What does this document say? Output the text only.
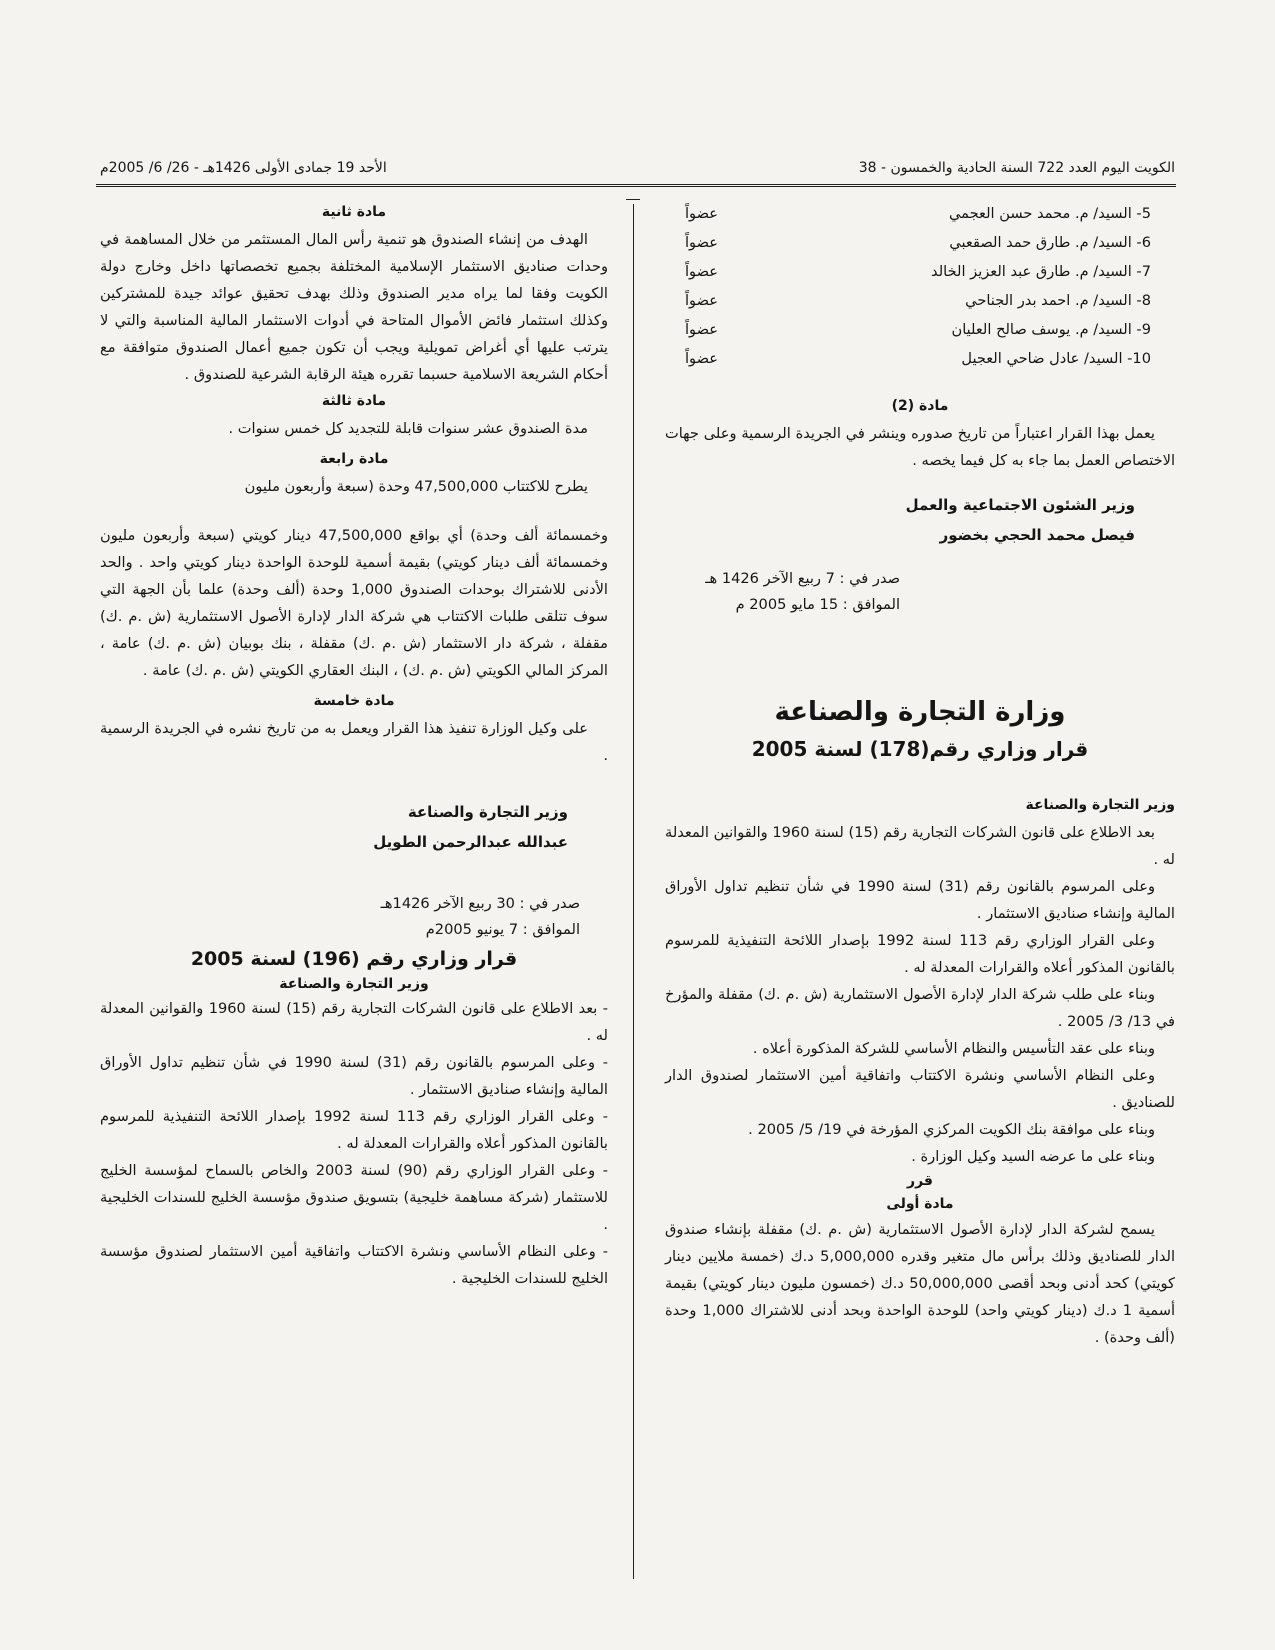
الكويت اليوم العدد 722 السنة الحادية والخمسون - 38
الأحد 19 جمادى الأولى 1426هـ - 26/ 6/ 2005م
5- السيد/ م. محمد حسن العجمي
عضواً
6- السيد/ م. طارق حمد الصقعبي
عضواً
7- السيد/ م. طارق عبد العزيز الخالد
عضواً
8- السيد/ م. احمد بدر الجناحي
عضواً
9- السيد/ م. يوسف صالح العليان
عضواً
10- السيد/ عادل ضاحي العجيل
عضواً
مادة (2)

يعمل بهذا القرار اعتباراً من تاريخ صدوره وينشر في الجريدة الرسمية وعلى جهات الاختصاص العمل بما جاء به كل فيما يخصه .

وزير الشئون الاجتماعية والعمل
فيصل محمد الحجي بخضور
صدر في : 7 ربيع الآخر 1426 هـ
الموافق : 15 مايو 2005 م
وزارة التجارة والصناعة
قرار وزاري رقم(178) لسنة 2005
وزير التجارة والصناعة

بعد الاطلاع على قانون الشركات التجارية رقم (15) لسنة 1960 والقوانين المعدلة له .

وعلى المرسوم بالقانون رقم (31) لسنة 1990 في شأن تنظيم تداول الأوراق المالية وإنشاء صناديق الاستثمار .

وعلى القرار الوزاري رقم 113 لسنة 1992 بإصدار اللائحة التنفيذية للمرسوم بالقانون المذكور أعلاه والقرارات المعدلة له .

وبناء على طلب شركة الدار لإدارة الأصول الاستثمارية (ش .م .ك) مقفلة والمؤرخ في 13/ 3/ 2005 .

وبناء على عقد التأسيس والنظام الأساسي للشركة المذكورة أعلاه .

وعلى النظام الأساسي ونشرة الاكتتاب واتفاقية أمين الاستثمار لصندوق الدار للصناديق .

وبناء على موافقة بنك الكويت المركزي المؤرخة في 19/ 5/ 2005 .

وبناء على ما عرضه السيد وكيل الوزارة .

قرر
مادة أولى

يسمح لشركة الدار لإدارة الأصول الاستثمارية (ش .م .ك) مقفلة بإنشاء صندوق الدار للصناديق وذلك برأس مال متغير وقدره 5,000,000 د.ك (خمسة ملايين دينار كويتي) كحد أدنى وبحد أقصى 50,000,000 د.ك (خمسون مليون دينار كويتي) بقيمة أسمية 1 د.ك (دينار كويتي واحد) للوحدة الواحدة وبحد أدنى للاشتراك 1,000 وحدة (ألف وحدة) .

مادة ثانية

الهدف من إنشاء الصندوق هو تنمية رأس المال المستثمر من خلال المساهمة في وحدات صناديق الاستثمار الإسلامية المختلفة بجميع تخصصاتها داخل وخارج دولة الكويت وفقا لما يراه مدير الصندوق وذلك بهدف تحقيق عوائد جيدة للمشتركين وكذلك استثمار فائض الأموال المتاحة في أدوات الاستثمار المالية المناسبة والتي لا يترتب عليها أي أغراض تمويلية ويجب أن تكون جميع أعمال الصندوق متوافقة مع أحكام الشريعة الاسلامية حسبما تقرره هيئة الرقابة الشرعية للصندوق .

مادة ثالثة

مدة الصندوق عشر سنوات قابلة للتجديد كل خمس سنوات .

مادة رابعة

يطرح للاكتتاب 47,500,000 وحدة (سبعة وأربعون مليون

وخمسمائة ألف وحدة) أي بواقع 47,500,000 دينار كويتي (سبعة وأربعون مليون وخمسمائة ألف دينار كويتي) بقيمة أسمية للوحدة الواحدة دينار كويتي واحد . والحد الأدنى للاشتراك بوحدات الصندوق 1,000 وحدة (ألف وحدة) علما بأن الجهة التي سوف تتلقى طلبات الاكتتاب هي شركة الدار لإدارة الأصول الاستثمارية (ش .م .ك) مقفلة ، شركة دار الاستثمار (ش .م .ك) مقفلة ، بنك بوبيان (ش .م .ك) عامة ، المركز المالي الكويتي (ش .م .ك) ، البنك العقاري الكويتي (ش .م .ك) عامة .

مادة خامسة

على وكيل الوزارة تنفيذ هذا القرار ويعمل به من تاريخ نشره في الجريدة الرسمية .

وزير التجارة والصناعة
عبدالله عبدالرحمن الطويل
صدر في : 30 ربيع الآخر 1426هـ
الموافق : 7 يونيو 2005م
قرار وزاري رقم (196) لسنة 2005
وزير التجارة والصناعة

- بعد الاطلاع على قانون الشركات التجارية رقم (15) لسنة 1960 والقوانين المعدلة له .

- وعلى المرسوم بالقانون رقم (31) لسنة 1990 في شأن تنظيم تداول الأوراق المالية وإنشاء صناديق الاستثمار .

- وعلى القرار الوزاري رقم 113 لسنة 1992 بإصدار اللائحة التنفيذية للمرسوم بالقانون المذكور أعلاه والقرارات المعدلة له .

- وعلى القرار الوزاري رقم (90) لسنة 2003 والخاص بالسماح لمؤسسة الخليج للاستثمار (شركة مساهمة خليجية) بتسويق صندوق مؤسسة الخليج للسندات الخليجية .

- وعلى النظام الأساسي ونشرة الاكتتاب واتفاقية أمين الاستثمار لصندوق مؤسسة الخليج للسندات الخليجية .
